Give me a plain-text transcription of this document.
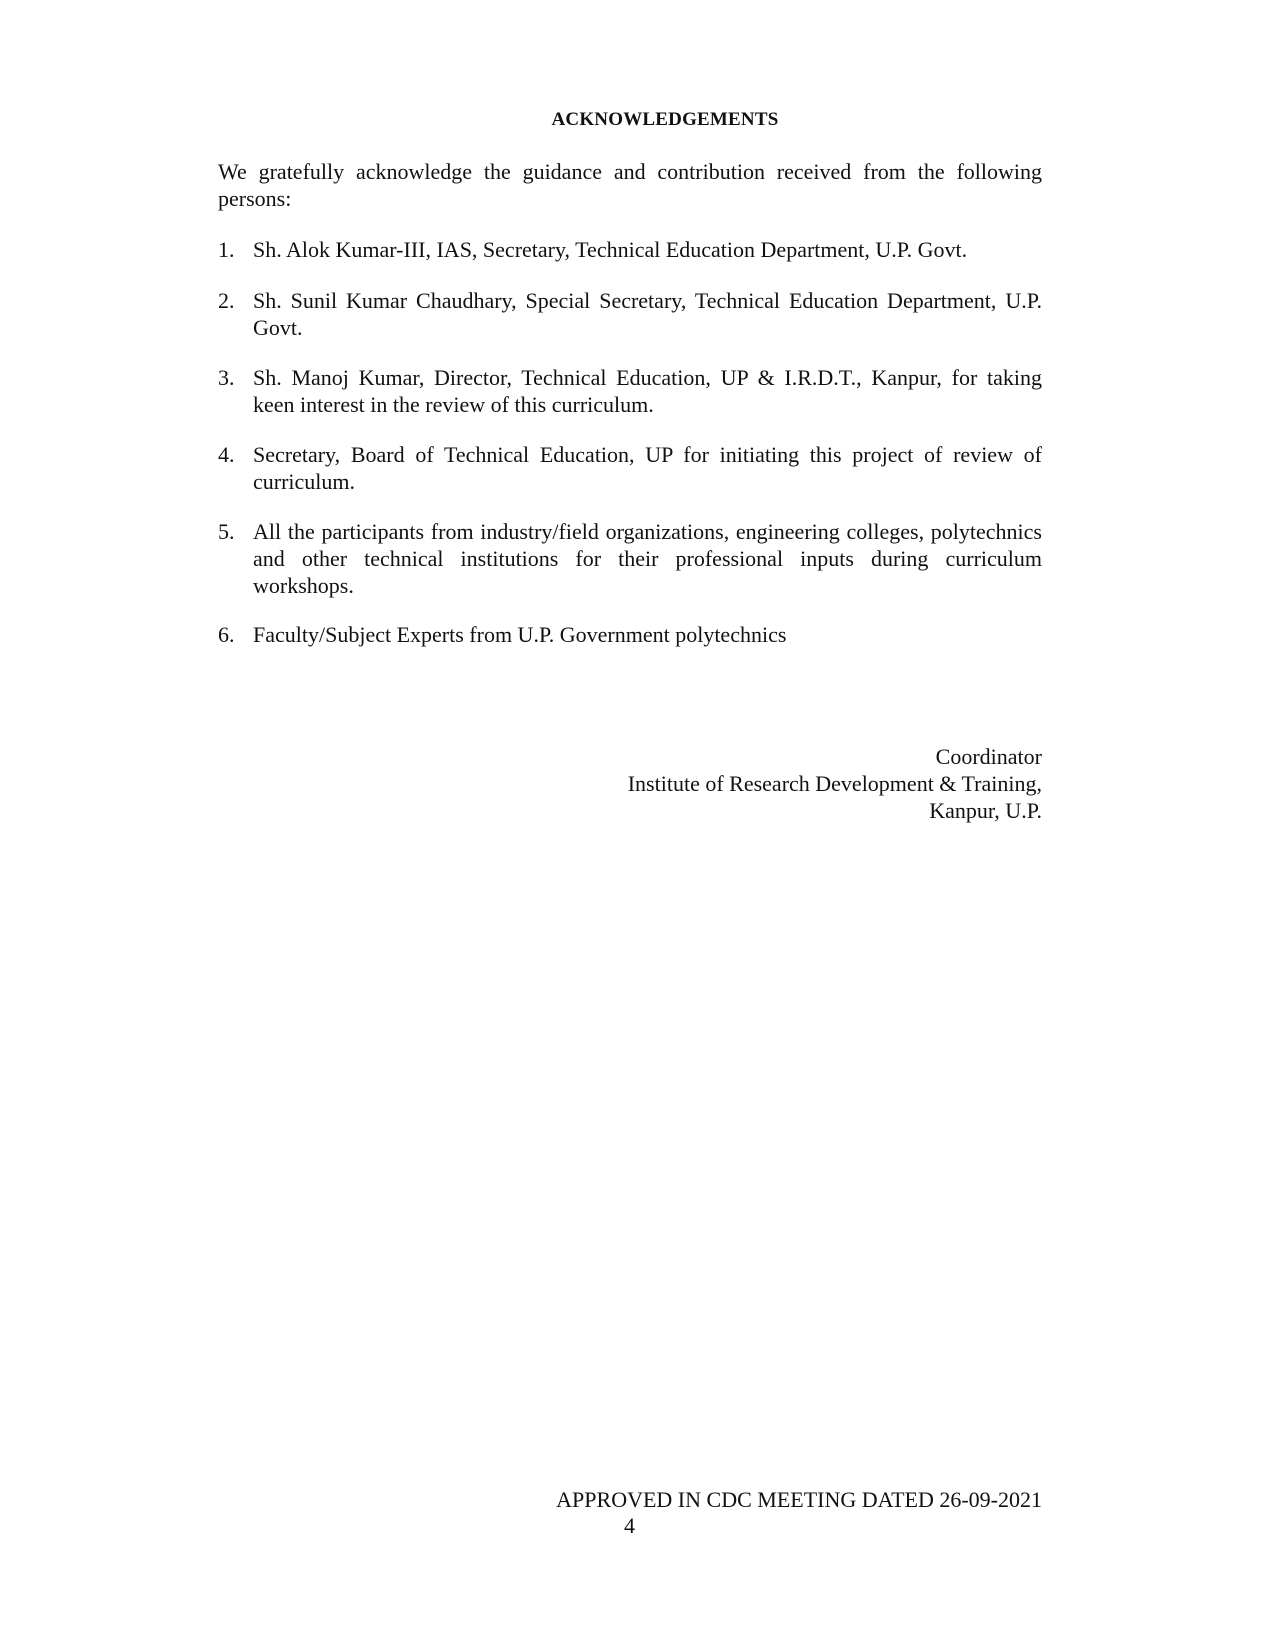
ACKNOWLEDGEMENTS
We gratefully acknowledge the guidance and contribution received from the following persons:
1. Sh. Alok Kumar-III, IAS, Secretary, Technical Education Department, U.P. Govt.
2. Sh. Sunil Kumar Chaudhary, Special Secretary, Technical Education Department, U.P. Govt.
3. Sh. Manoj Kumar, Director, Technical Education, UP & I.R.D.T., Kanpur, for taking keen interest in the review of this curriculum.
4. Secretary, Board of Technical Education, UP for initiating this project of review of curriculum.
5. All the participants from industry/field organizations, engineering colleges, polytechnics and other technical institutions for their professional inputs during curriculum workshops.
6. Faculty/Subject Experts from U.P. Government polytechnics
Coordinator
Institute of Research Development & Training,
Kanpur, U.P.
APPROVED IN CDC MEETING DATED 26-09-2021
4
